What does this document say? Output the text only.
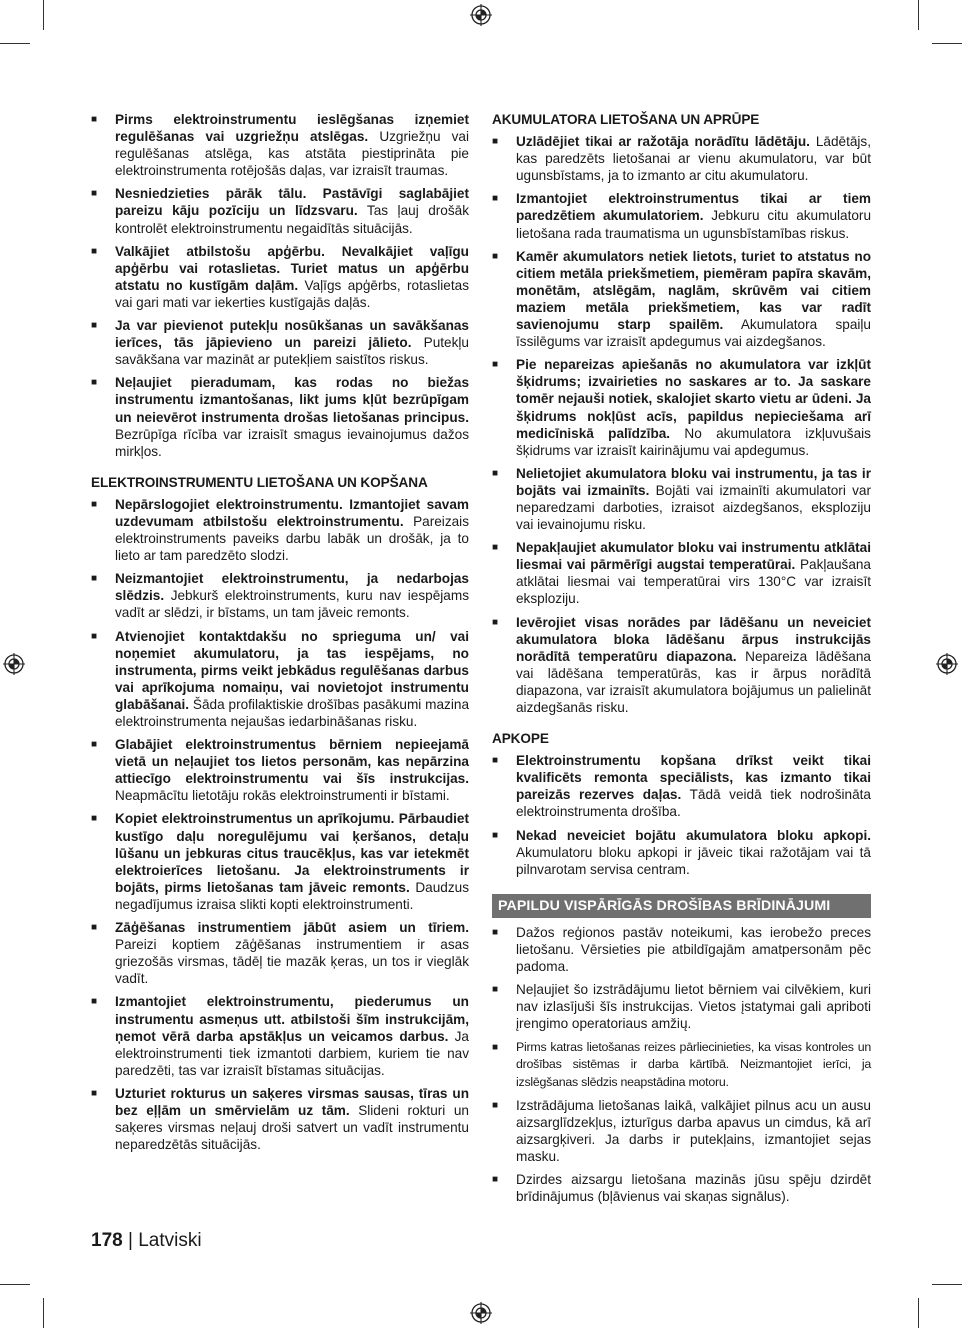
■ Pirms elektroinstrumentu ieslēgšanas izņemiet regulēšanas vai uzgriežņu atslēgas. Uzgriežņu vai regulēšanas atslēga, kas atstāta piestiprināta pie elektroinstrumenta rotējošās daļas, var izraisīt traumas.
■ Nesniedzieties pārāk tālu. Pastāvīgi saglabājiet pareizu kāju pozīciju un līdzsvaru. Tas ļauj drošāk kontrolēt elektroinstrumentu negaidītās situācijās.
■ Valkājiet atbilstošu apģērbu. Nevalkājiet vaļīgu apģērbu vai rotaslietas. Turiet matus un apģērbu atstatu no kustīgām daļām. Vaļīgs apģērbs, rotaslietas vai gari mati var iekerties kustīgajās daļās.
■ Ja var pievienot putekļu nosūkšanas un savākšanas ierīces, tās jāpievieno un pareizi jālieto. Putekļu savākšana var mazināt ar putekļiem saistītos riskus.
■ Neļaujiet pieradumam, kas rodas no biežas instrumentu izmantošanas, likt jums kļūt bezrūpīgam un neievērot instrumenta drošas lietošanas principus. Bezrūpīga rīcība var izraisīt smagus ievainojumus dažos mirkļos.
ELEKTROINSTRUMENTU LIETOŠANA UN KOPŠANA
■ Nepārslogojiet elektroinstrumentu. Izmantojiet savam uzdevumam atbilstošu elektroinstrumentu. Pareizais elektroinstruments paveiks darbu labāk un drošāk, ja to lieto ar tam paredzēto slodzi.
■ Neizmantojiet elektroinstrumentu, ja nedarbojas slēdzis. Jebkurš elektroinstruments, kuru nav iespējams vadīt ar slēdzi, ir bīstams, un tam jāveic remonts.
■ Atvienojiet kontaktdakšu no sprieguma un/ vai noņemiet akumulatoru, ja tas iespējams, no instrumenta, pirms veikt jebkādus regulēšanas darbus vai aprīkojuma nomaiņu, vai novietojot instrumentu glabāšanai. Šāda profilaktiskie drošības pasākumi mazina elektroinstrumenta nejaušas iedarbināšanas risku.
■ Glabājiet elektroinstrumentus bērniem nepieejamā vietā un neļaujiet tos lietos personām, kas nepārzina attiecīgo elektroinstrumentu vai šīs instrukcijas. Neapmācītu lietotāju rokās elektroinstrumenti ir bīstami.
■ Kopiet elektroinstrumentus un aprīkojumu. Pārbaudiet kustīgo daļu noregulējumu vai ķeršanos, detaļu lūšanu un jebkuras citus traucēkļus, kas var ietekmēt elektroierīces lietošanu. Ja elektroinstruments ir bojāts, pirms lietošanas tam jāveic remonts. Daudzus negadījumus izraisa slikti kopti elektroinstrumenti.
■ Zāģēšanas instrumentiem jābūt asiem un tīriem. Pareizi koptiem zāģēšanas instrumentiem ir asas griezošās virsmas, tādēļ tie mazāk ķeras, un tos ir vieglāk vadīt.
■ Izmantojiet elektroinstrumentu, piederumus un instrumentu asmeņus utt. atbilstoši šīm instrukcijām, ņemot vērā darba apstākļus un veicamos darbus. Ja elektroinstrumenti tiek izmantoti darbiem, kuriem tie nav paredzēti, tas var izraisīt bīstamas situācijas.
■ Uzturiet rokturus un saķeres virsmas sausas, tīras un bez eļļām un smērvielām uz tām. Slideni rokturi un saķeres virsmas neļauj droši satvert un vadīt instrumentu neparedzētās situācijās.
AKUMULATORA LIETOŠANA UN APRŪPE
■ Uzlādējiet tikai ar ražotāja norādītu lādētāju. Lādētājs, kas paredzēts lietošanai ar vienu akumulatoru, var būt ugunsbīstams, ja to izmanto ar citu akumulatoru.
■ Izmantojiet elektroinstrumentus tikai ar tiem paredzētiem akumulatoriem. Jebkuru citu akumulatoru lietošana rada traumatisma un ugunsbīstamības riskus.
■ Kamēr akumulators netiek lietots, turiet to atstatus no citiem metāla priekšmetiem, piemēram papīra skavām, monētām, atslēgām, naglām, skrūvēm vai citiem maziem metāla priekšmetiem, kas var radīt savienojumu starp spailēm. Akumulatora spaiļu īssilēgums var izraisīt apdegumus vai aizdegšanos.
■ Pie nepareizas apiešanās no akumulatora var izkļūt šķidrums; izvairieties no saskares ar to. Ja saskare tomēr nejauši notiek, skalojiet skarto vietu ar ūdeni. Ja šķidrums nokļūst acīs, papildus nepieciešama arī medicīniskā palīdzība. No akumulatora izkļuvušais šķidrums var izraisīt kairinājumu vai apdegumus.
■ Nelietojiet akumulatora bloku vai instrumentu, ja tas ir bojāts vai izmainīts. Bojāti vai izmainīti akumulatori var neparedzami darboties, izraisot aizdegšanos, eksploziju vai ievainojumu risku.
■ Nepakļaujiet akumulator bloku vai instrumentu atklātai liesmai vai pārmērīgi augstai temperatūrai. Pakļaušana atklātai liesmai vai temperatūrai virs 130°C var izraisīt eksploziju.
■ Ievērojiet visas norādes par lādēšanu un neveiciet akumulatora bloka lādēšanu ārpus instrukcijās norādītā temperatūru diapazona. Nepareiza lādēšana vai lādēšana temperatūrās, kas ir ārpus norādītā diapazona, var izraisīt akumulatora bojājumus un palielināt aizdegšanās risku.
APKOPE
■ Elektroinstrumentu kopšana drīkst veikt tikai kvalificēts remonta speciālists, kas izmanto tikai pareizās rezerves daļas. Tādā veidā tiek nodrošināta elektroinstrumenta drošība.
■ Nekad neveiciet bojātu akumulatora bloku apkopi. Akumulatoru bloku apkopi ir jāveic tikai ražotājam vai tā pilnvarotam servisa centram.
PAPILDU VISPĀRĪGĀS DROŠĪBAS BRĪDINĀJUMI
■ Dažos reģionos pastāv noteikumi, kas ierobežo preces lietošanu. Vērsieties pie atbildīgajām amatpersonām pēc padoma.
■ Neļaujiet šo izstrādājumu lietot bērniem vai cilvēkiem, kuri nav izlasījuši šīs instrukcijas. Vietos įstatymai gali apriboti įrengimo operatoriaus amžių.
■ Pirms katras lietošanas reizes pārliecinieties, ka visas kontroles un drošības sistēmas ir darba kārtībā. Neizmantojiet ierīci, ja izslēgšanas slēdzis neapstādina motoru.
■ Izstrādājuma lietošanas laikā, valkājiet pilnus acu un ausu aizsarglīdzekļus, izturīgus darba apavus un cimdus, kā arī aizsargķiveri. Ja darbs ir putekļains, izmantojiet sejas masku.
■ Dzirdes aizsargu lietošana mazinās jūsu spēju dzirdēt brīdinājumus (bļāvienus vai skaņas signālus).
178 | Latviski
